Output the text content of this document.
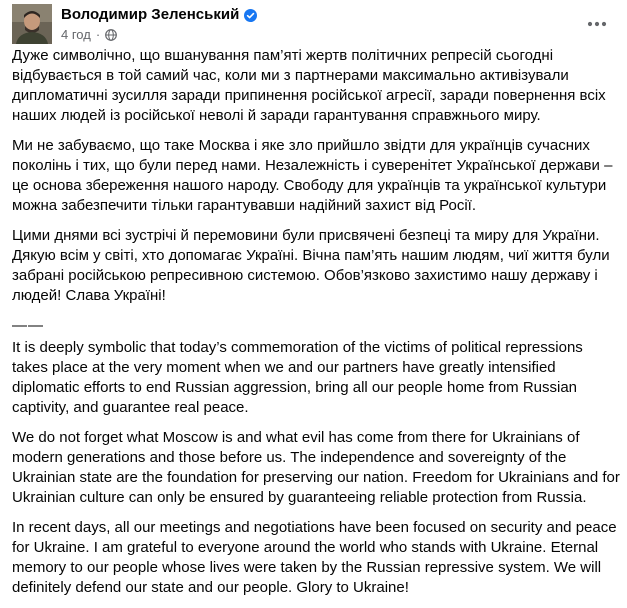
Володимир Зеленський
4 год ·

Дуже символічно, що вшанування пам’яті жертв політичних репресій сьогодні відбувається в той самий час, коли ми з партнерами максимально активізували дипломатичні зусилля заради припинення російської агресії, заради повернення всіх наших людей із російської неволі й заради гарантування справжнього миру.

Ми не забуваємо, що таке Москва і яке зло прийшло звідти для українців сучасних поколінь і тих, що були перед нами. Незалежність і суверенітет Української держави – це основа збереження нашого народу. Свободу для українців та української культури можна забезпечити тільки гарантувавши надійний захист від Росії.

Цими днями всі зустрічі й перемовини були присвячені безпеці та миру для України. Дякую всім у світі, хто допомагає Україні. Вічна пам’ять нашим людям, чиї життя були забрані російською репресивною системою. Обов’язково захистимо нашу державу і людей! Слава Україні!

——

It is deeply symbolic that today’s commemoration of the victims of political repressions takes place at the very moment when we and our partners have greatly intensified diplomatic efforts to end Russian aggression, bring all our people home from Russian captivity, and guarantee real peace.

We do not forget what Moscow is and what evil has come from there for Ukrainians of modern generations and those before us. The independence and sovereignty of the Ukrainian state are the foundation for preserving our nation. Freedom for Ukrainians and for Ukrainian culture can only be ensured by guaranteeing reliable protection from Russia.

In recent days, all our meetings and negotiations have been focused on security and peace for Ukraine. I am grateful to everyone around the world who stands with Ukraine. Eternal memory to our people whose lives were taken by the Russian repressive system. We will definitely defend our state and our people. Glory to Ukraine!
